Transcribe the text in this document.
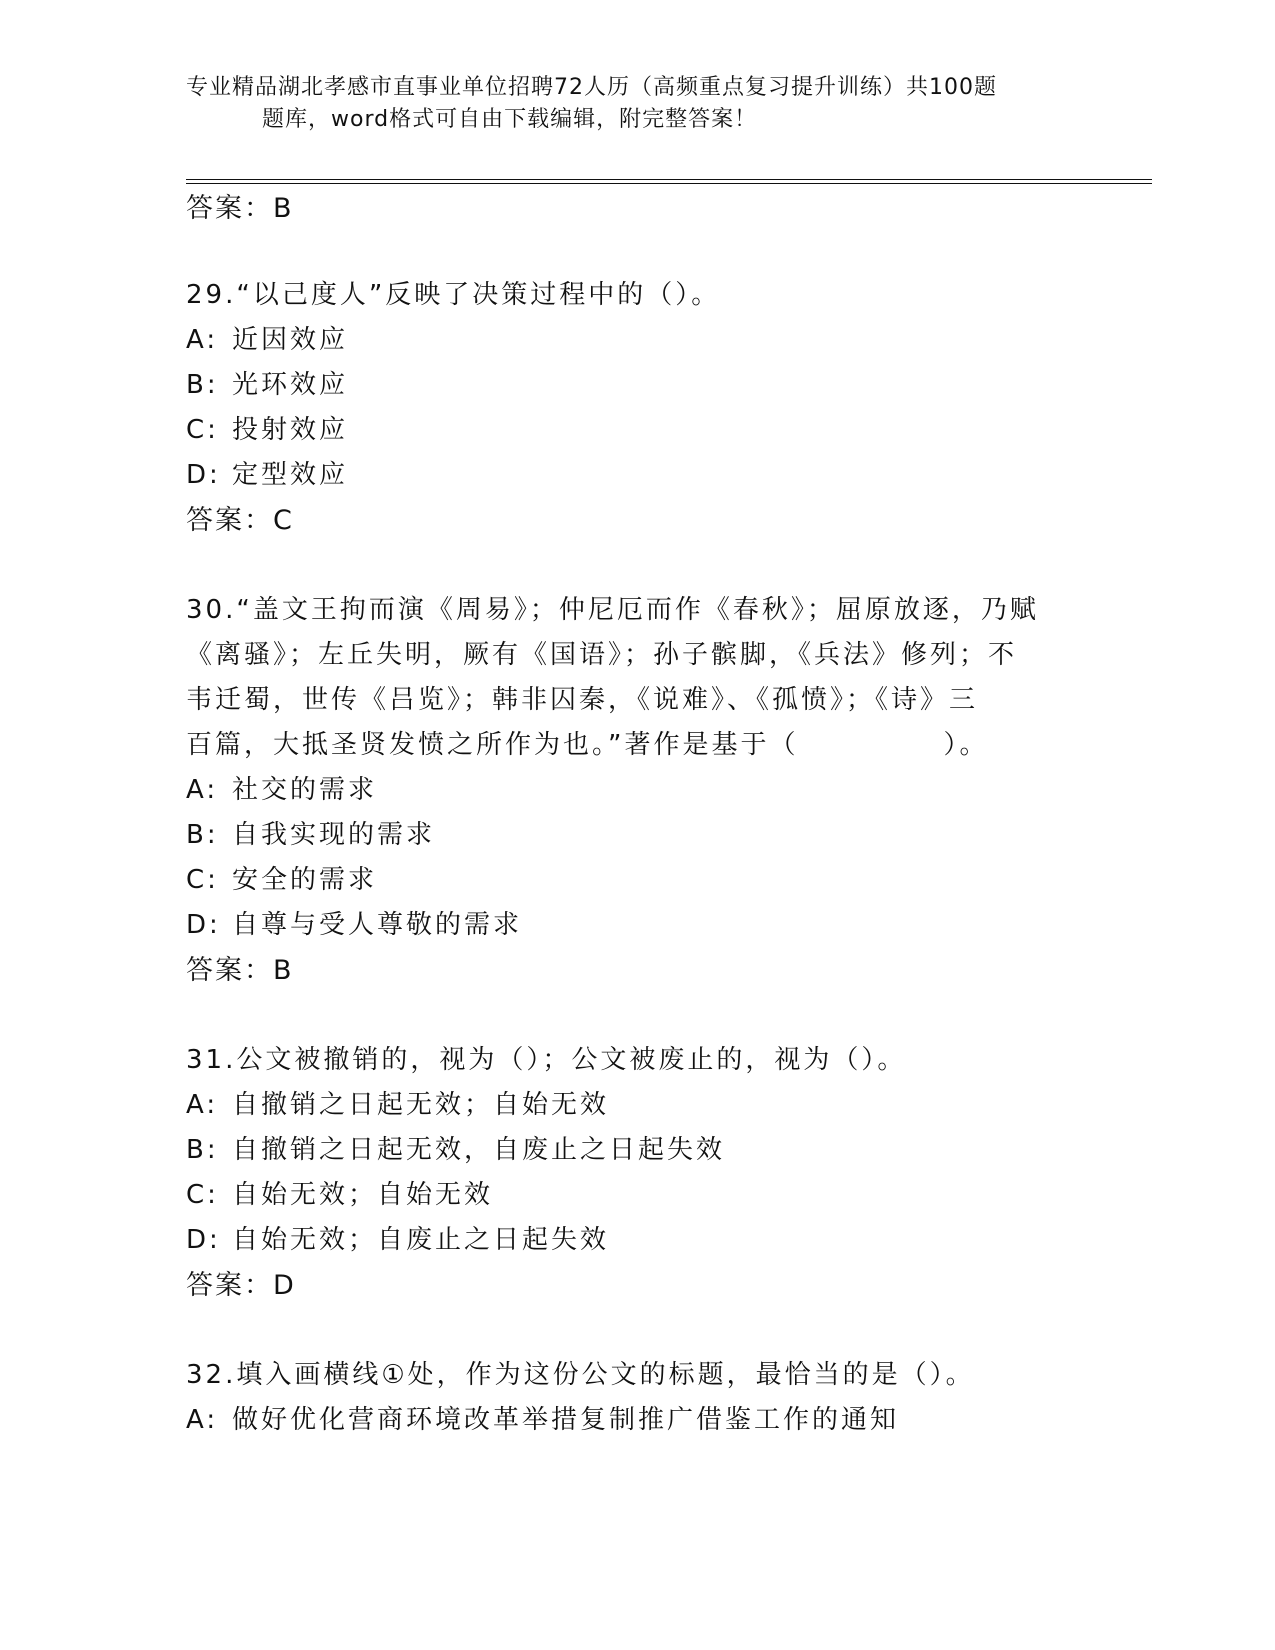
专业精品湖北孝感市直事业单位招聘72人历（高频重点复习提升训练）共100题
题库，word格式可自由下载编辑，附完整答案！
答案：B
29.“以己度人”反映了决策过程中的（）。
A: 近因效应
B: 光环效应
C: 投射效应
D: 定型效应
答案：C
30.“盖文王拘而演《周易》；仲尼厄而作《春秋》；屈原放逐，乃赋
《离骚》；左丘失明，厥有《国语》；孙子髌脚，《兵法》修列；不
韦迁蜀，世传《吕览》；韩非囚秦，《说难》、《孤愤》；《诗》三
百篇，大抵圣贤发愤之所作为也。”著作是基于（　　　　　）。
A: 社交的需求
B: 自我实现的需求
C: 安全的需求
D: 自尊与受人尊敬的需求
答案：B
31.公文被撤销的，视为（）；公文被废止的，视为（）。
A: 自撤销之日起无效；自始无效
B: 自撤销之日起无效，自废止之日起失效
C: 自始无效；自始无效
D: 自始无效；自废止之日起失效
答案：D
32.填入画横线①处，作为这份公文的标题，最恰当的是（）。
A: 做好优化营商环境改革举措复制推广借鉴工作的通知
